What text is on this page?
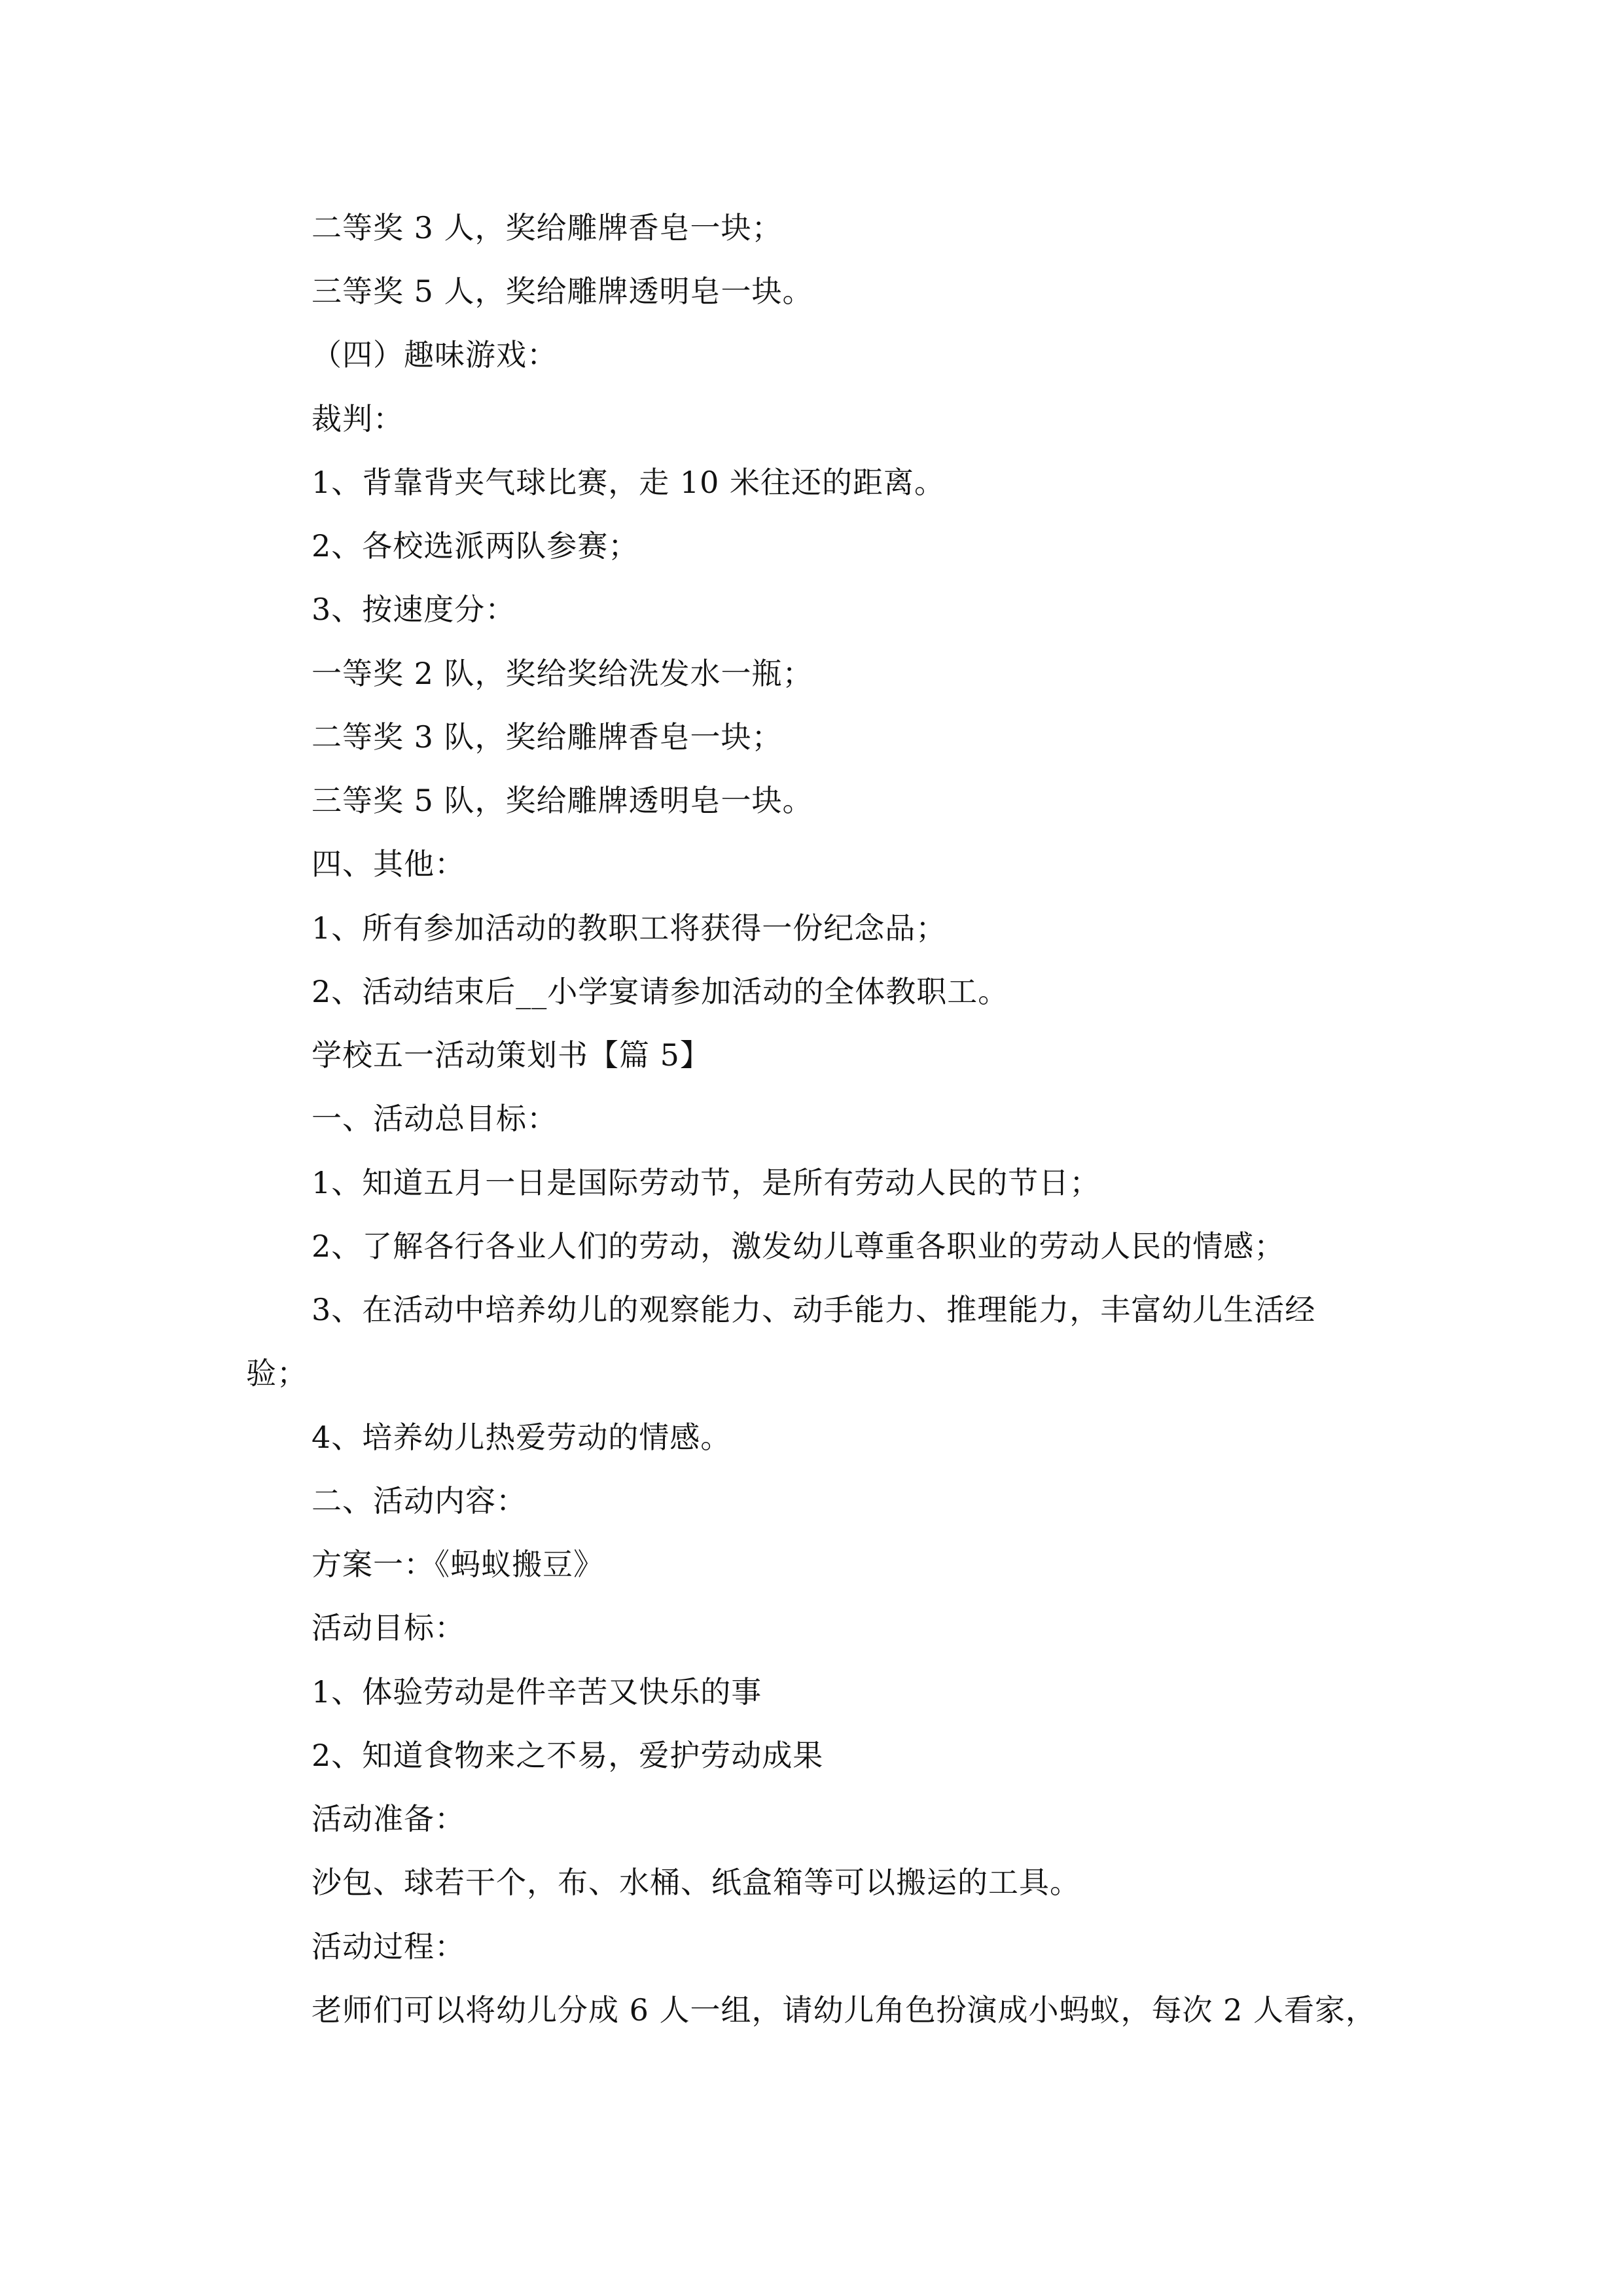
二等奖 3 人，奖给雕牌香皂一块；
三等奖 5 人，奖给雕牌透明皂一块。
（四）趣味游戏：
裁判：
1、背靠背夹气球比赛，走 10 米往还的距离。
2、各校选派两队参赛；
3、按速度分：
一等奖 2 队，奖给奖给洗发水一瓶；
二等奖 3 队，奖给雕牌香皂一块；
三等奖 5 队，奖给雕牌透明皂一块。
四、其他：
1、所有参加活动的教职工将获得一份纪念品；
2、活动结束后__小学宴请参加活动的全体教职工。
学校五一活动策划书【篇 5】
一、活动总目标：
1、知道五月一日是国际劳动节，是所有劳动人民的节日；
2、了解各行各业人们的劳动，激发幼儿尊重各职业的劳动人民的情感；
3、在活动中培养幼儿的观察能力、动手能力、推理能力，丰富幼儿生活经
验；
4、培养幼儿热爱劳动的情感。
二、活动内容：
方案一：《蚂蚁搬豆》
活动目标：
1、体验劳动是件辛苦又快乐的事
2、知道食物来之不易，爱护劳动成果
活动准备：
沙包、球若干个，布、水桶、纸盒箱等可以搬运的工具。
活动过程：
老师们可以将幼儿分成 6 人一组，请幼儿角色扮演成小蚂蚁，每次 2 人看家，
